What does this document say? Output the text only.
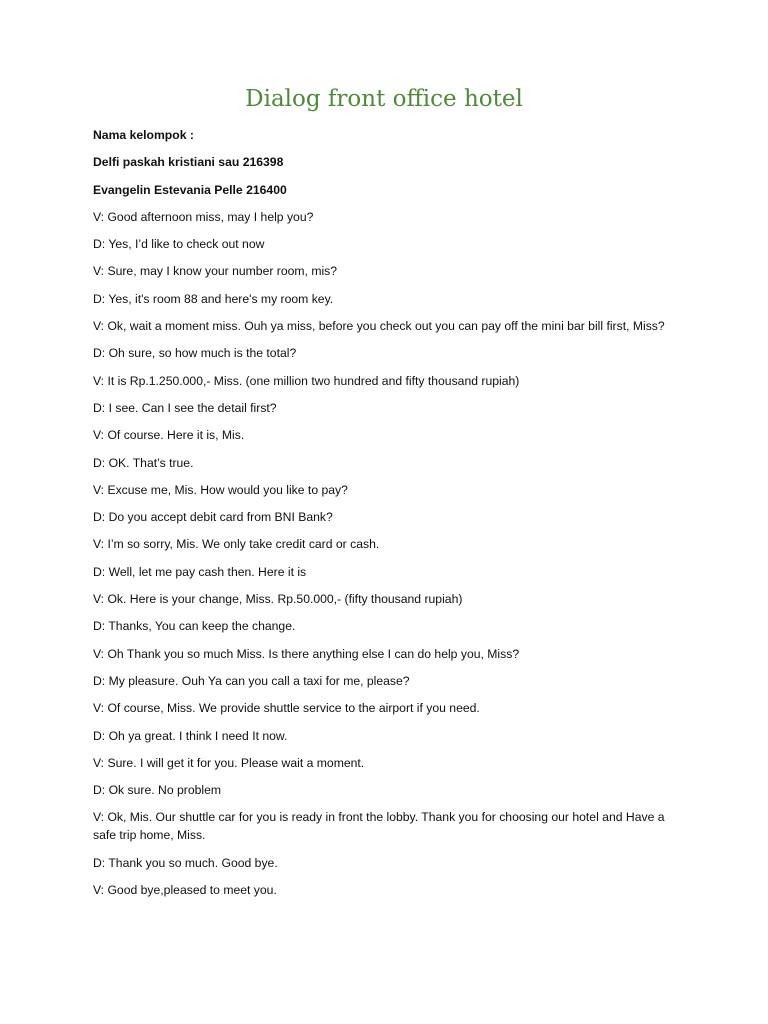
Dialog front office hotel
Nama kelompok :
Delfi paskah kristiani sau 216398
Evangelin Estevania Pelle 216400
V: Good afternoon miss, may I help you?
D: Yes, I’d like to check out now
V: Sure, may I know your number room, mis?
D: Yes, it's room 88 and here's my room key.
V: Ok, wait a moment miss. Ouh ya miss, before you check out you can pay off the mini bar bill first, Miss?
D: Oh sure, so how much is the total?
V: It is Rp.1.250.000,- Miss. (one million two hundred and fifty thousand rupiah)
D: I see. Can I see the detail first?
V: Of course. Here it is, Mis.
D: OK. That’s true.
V: Excuse me, Mis. How would you like to pay?
D: Do you accept debit card from BNI Bank?
V: I’m so sorry, Mis. We only take credit card or cash.
D: Well, let me pay cash then. Here it is
V: Ok. Here is your change, Miss. Rp.50.000,- (fifty thousand rupiah)
D: Thanks, You can keep the change.
V: Oh Thank you so much Miss. Is there anything else I can do help you, Miss?
D: My pleasure. Ouh Ya can you call a taxi for me, please?
V: Of course, Miss. We provide shuttle service to the airport if you need.
D: Oh ya great. I think I need It now.
V: Sure. I will get it for you. Please wait a moment.
D: Ok sure. No problem
V: Ok, Mis. Our shuttle car for you is ready in front the lobby. Thank you for choosing our hotel and Have a safe trip home, Miss.
D: Thank you so much. Good bye.
V: Good bye,pleased to meet you.
